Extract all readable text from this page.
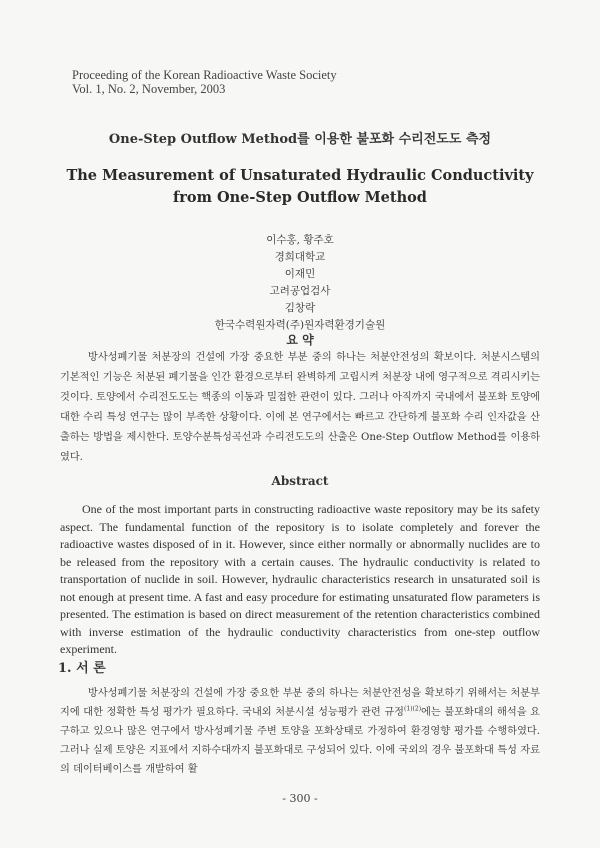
Proceeding of the Korean Radioactive Waste Society
Vol. 1, No. 2, November, 2003
One-Step Outflow Method를 이용한 불포화 수리전도도 측정
The Measurement of Unsaturated Hydraulic Conductivity
from One-Step Outflow Method
이수홍, 황주호
경희대학교
이재민
고려공업검사
김창락
한국수력원자력(주)원자력환경기술원
요 약
방사성폐기물 처분장의 건설에 가장 중요한 부분 중의 하나는 처분안전성의 확보이다. 처분시스템의 기본적인 기능은 처분된 폐기물을 인간 환경으로부터 완벽하게 고립시켜 처분장 내에 영구적으로 격리시키는 것이다. 토양에서 수리전도도는 핵종의 이동과 밀접한 관련이 있다. 그러나 아직까지 국내에서 불포화 토양에 대한 수리 특성 연구는 많이 부족한 상황이다. 이에 본 연구에서는 빠르고 간단하게 불포화 수리 인자값을 산출하는 방법을 제시한다. 토양수분특성곡선과 수리전도도의 산출은 One-Step Outflow Method를 이용하였다.
Abstract
One of the most important parts in constructing radioactive waste repository may be its safety aspect. The fundamental function of the repository is to isolate completely and forever the radioactive wastes disposed of in it. However, since either normally or abnormally nuclides are to be released from the repository with a certain causes. The hydraulic conductivity is related to transportation of nuclide in soil. However, hydraulic characteristics research in unsaturated soil is not enough at present time. A fast and easy procedure for estimating unsaturated flow parameters is presented. The estimation is based on direct measurement of the retention characteristics combined with inverse estimation of the hydraulic conductivity characteristics from one-step outflow experiment.
1. 서 론
방사성폐기물 처분장의 건설에 가장 중요한 부분 중의 하나는 처분안전성을 확보하기 위해서는 처분부지에 대한 정확한 특성 평가가 필요하다. 국내외 처분시설 성능평가 관련 규정$^{(1)(2)}$에는 불포화대의 해석을 요구하고 있으나 많은 연구에서 방사성폐기물 주변 토양을 포화상태로 가정하여 환경영향 평가를 수행하였다. 그러나 실제 토양은 지표에서 지하수대까지 불포화대로 구성되어 있다. 이에 국외의 경우 불포화대 특성 자료의 데이터베이스를 개발하여 활
- 300 -
